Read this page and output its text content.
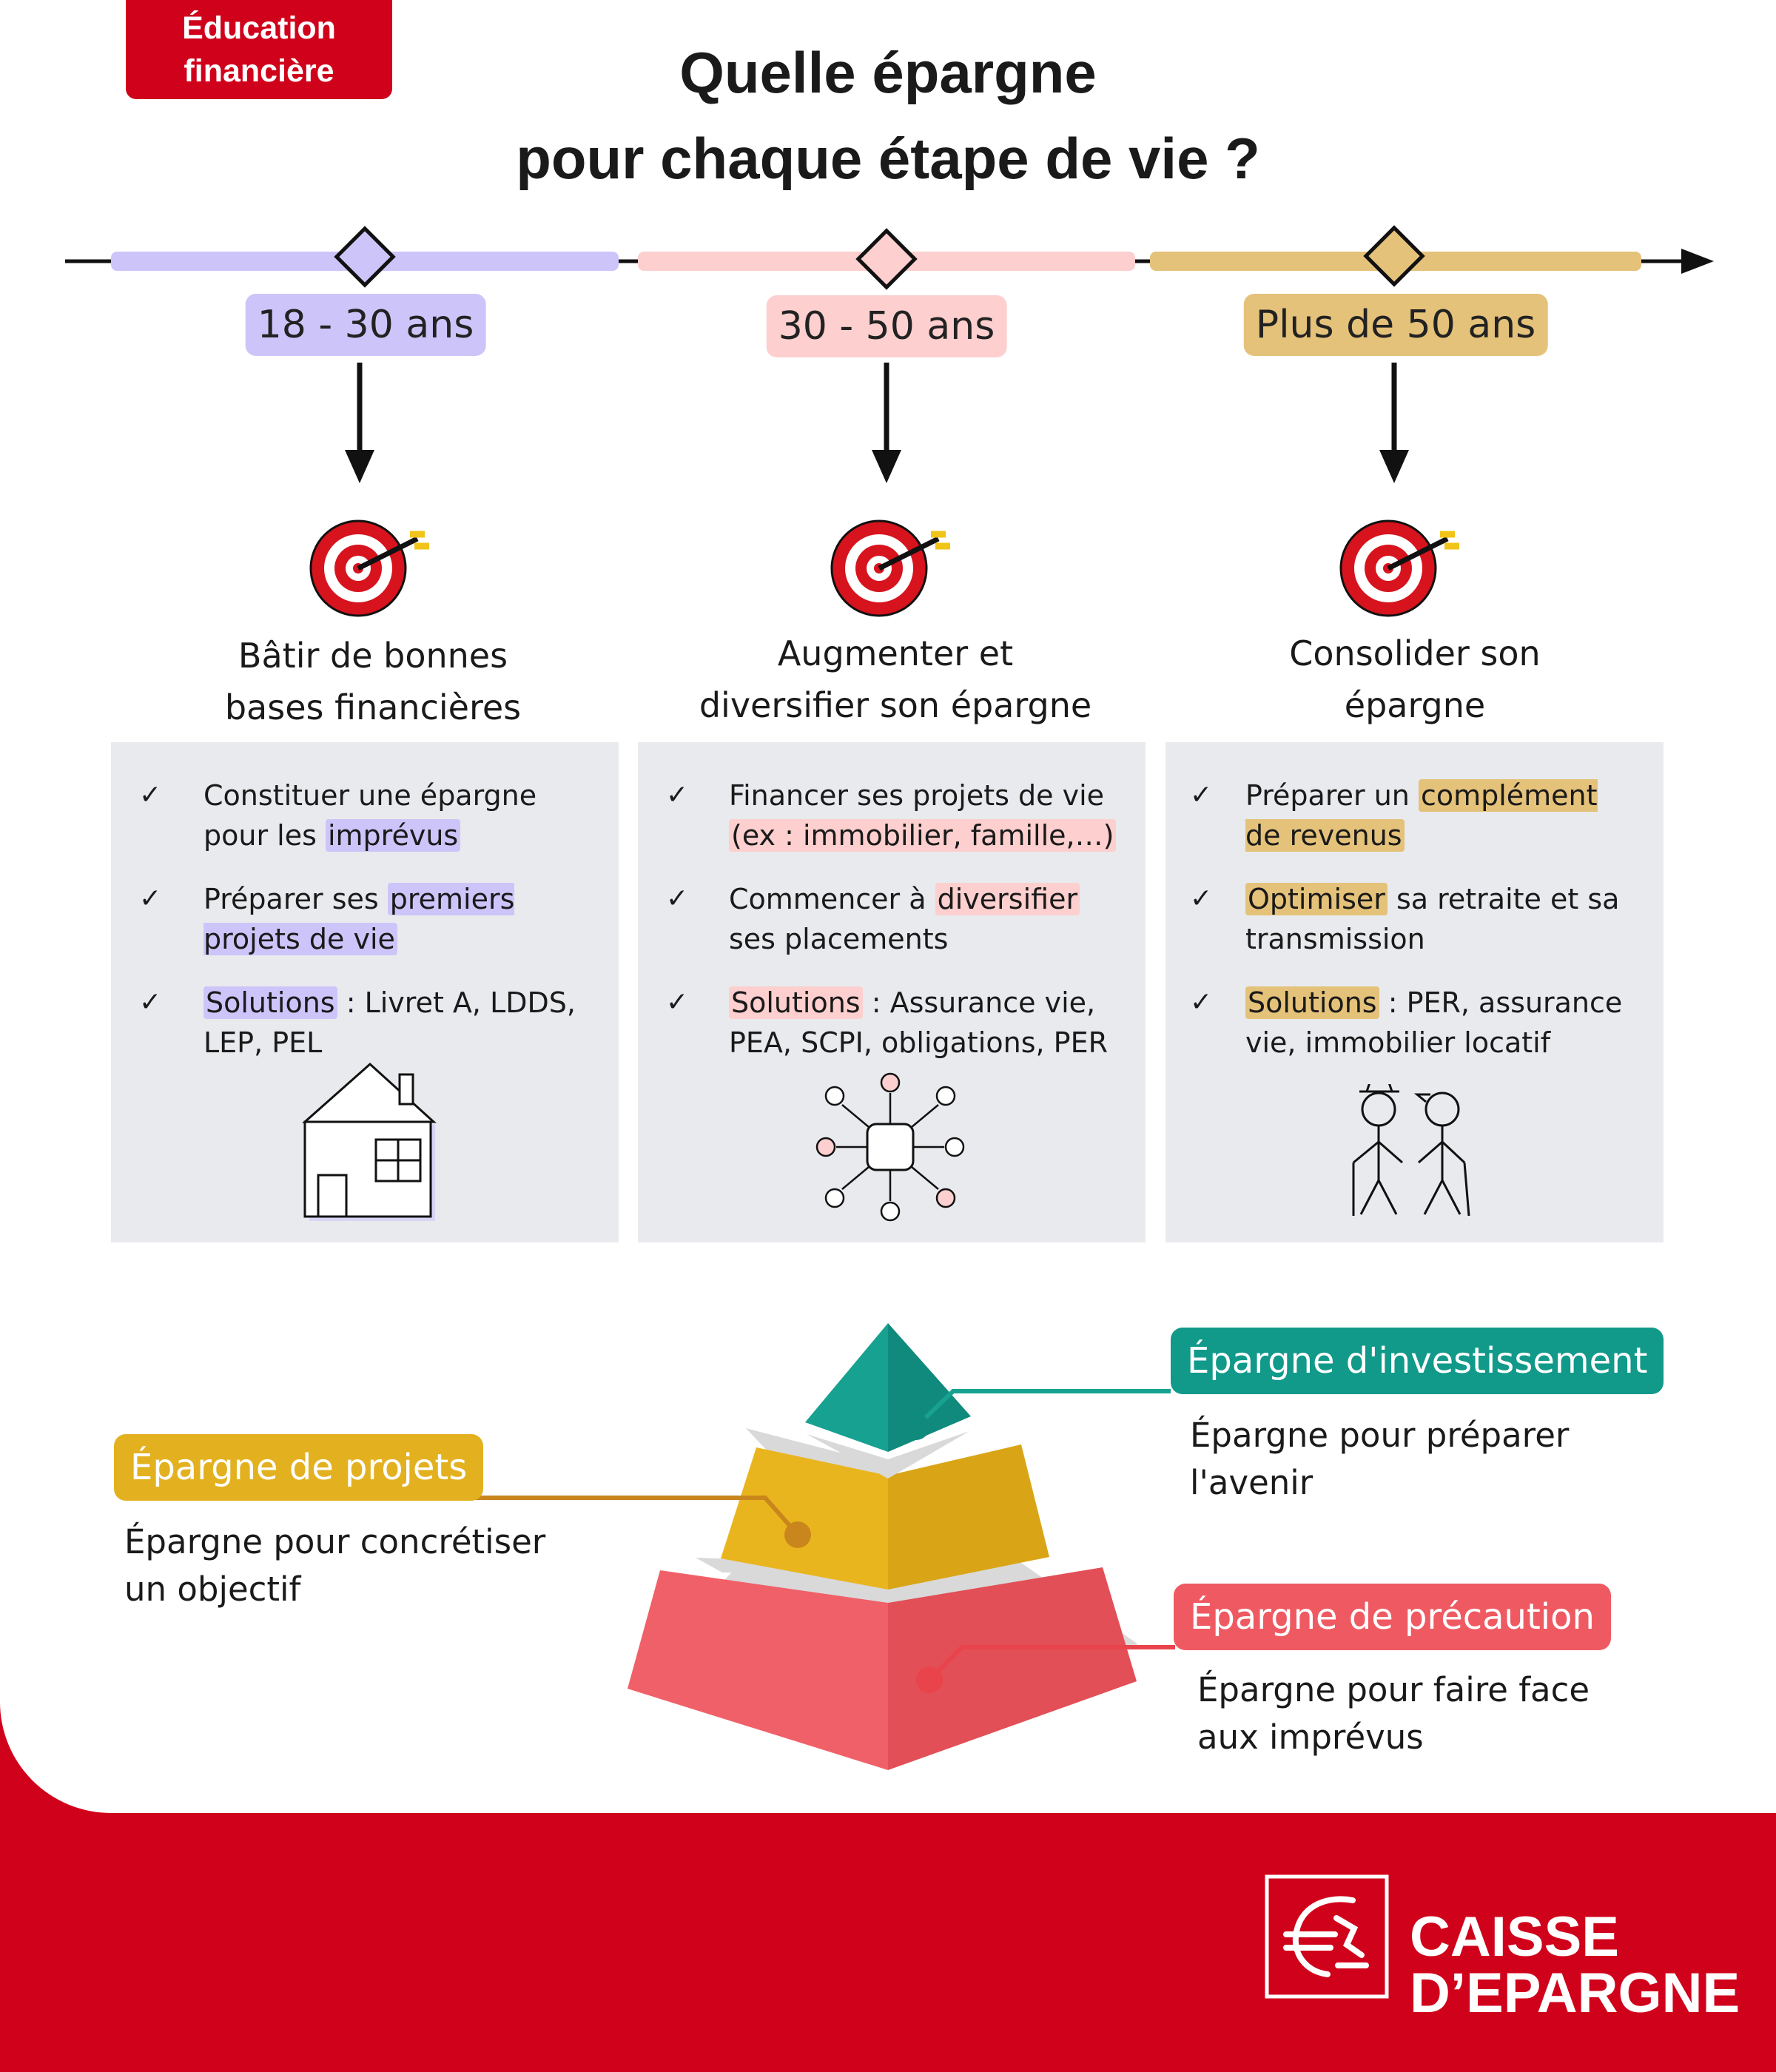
Éducation
financière	Quelle épargne
pour chaque étape de vie ?
18 - 30 ans	30 - 50 ans	Plus de 50 ans
Bâtir de bonnes
bases financières
Augmenter et
diversifier son épargne
Consolider son
épargne
✓ Constituer une épargne pour les imprévus
✓ Préparer ses premiers projets de vie
✓ Solutions : Livret A, LDDS, LEP, PEL
✓ Financer ses projets de vie (ex : immobilier, famille,…)
✓ Commencer à diversifier ses placements
✓ Solutions : Assurance vie, PEA, SCPI, obligations, PER
✓ Préparer un complément de revenus
✓ Optimiser sa retraite et sa transmission
✓ Solutions : PER, assurance vie, immobilier locatif
Épargne d'investissement
Épargne pour préparer
l'avenir
Épargne de projets
Épargne pour concrétiser
un objectif
Épargne de précaution
Épargne pour faire face
aux imprévus
CAISSE
D’EPARGNE
